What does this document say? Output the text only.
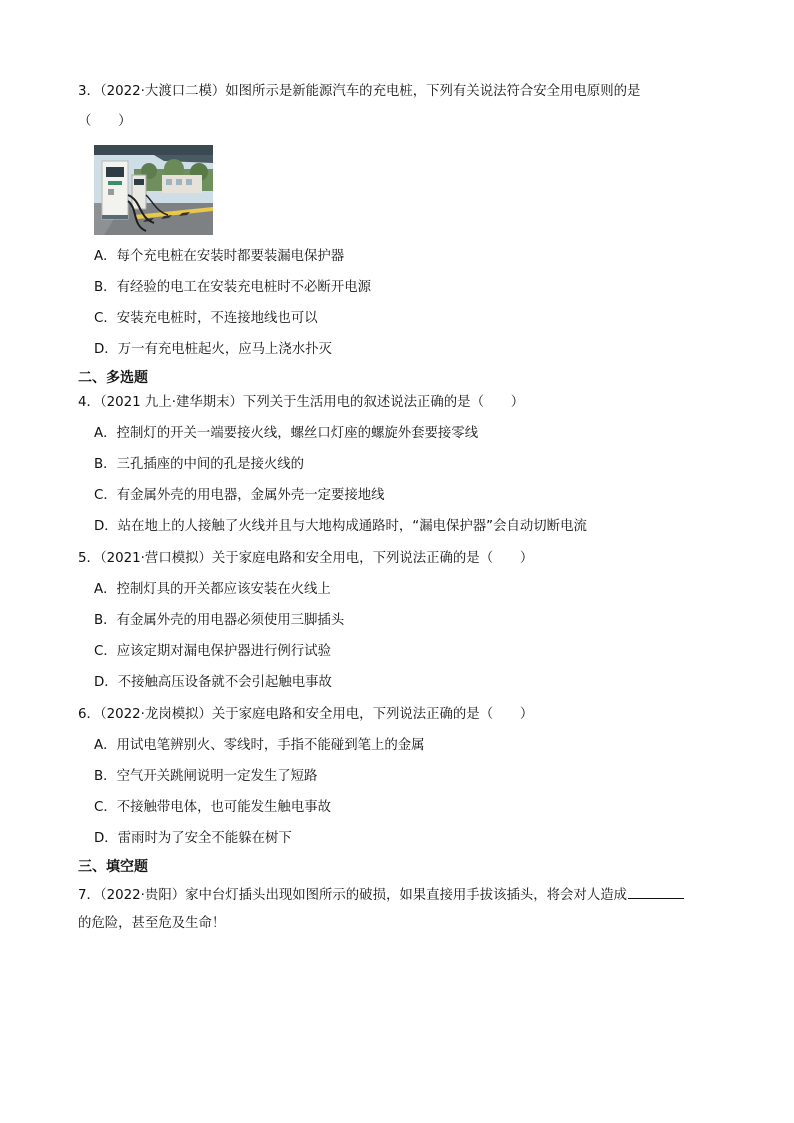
3．（2022·大渡口二模）如图所示是新能源汽车的充电桩，下列有关说法符合安全用电原则的是
（　　）
A．每个充电桩在安装时都要装漏电保护器
B．有经验的电工在安装充电桩时不必断开电源
C．安装充电桩时，不连接地线也可以
D．万一有充电桩起火，应马上浇水扑灭
二、多选题
4．（2021 九上·建华期末）下列关于生活用电的叙述说法正确的是（　　）
A．控制灯的开关一端要接火线，螺丝口灯座的螺旋外套要接零线
B．三孔插座的中间的孔是接火线的
C．有金属外壳的用电器，金属外壳一定要接地线
D．站在地上的人接触了火线并且与大地构成通路时，“漏电保护器”会自动切断电流
5．（2021·营口模拟）关于家庭电路和安全用电，下列说法正确的是（　　）
A．控制灯具的开关都应该安装在火线上
B．有金属外壳的用电器必须使用三脚插头
C．应该定期对漏电保护器进行例行试验
D．不接触高压设备就不会引起触电事故
6．（2022·龙岗模拟）关于家庭电路和安全用电，下列说法正确的是（　　）
A．用试电笔辨别火、零线时，手指不能碰到笔上的金属
B．空气开关跳闸说明一定发生了短路
C．不接触带电体，也可能发生触电事故
D．雷雨时为了安全不能躲在树下
三、填空题
7．（2022·贵阳）家中台灯插头出现如图所示的破损，如果直接用手拔该插头，将会对人造成
的危险，甚至危及生命！
